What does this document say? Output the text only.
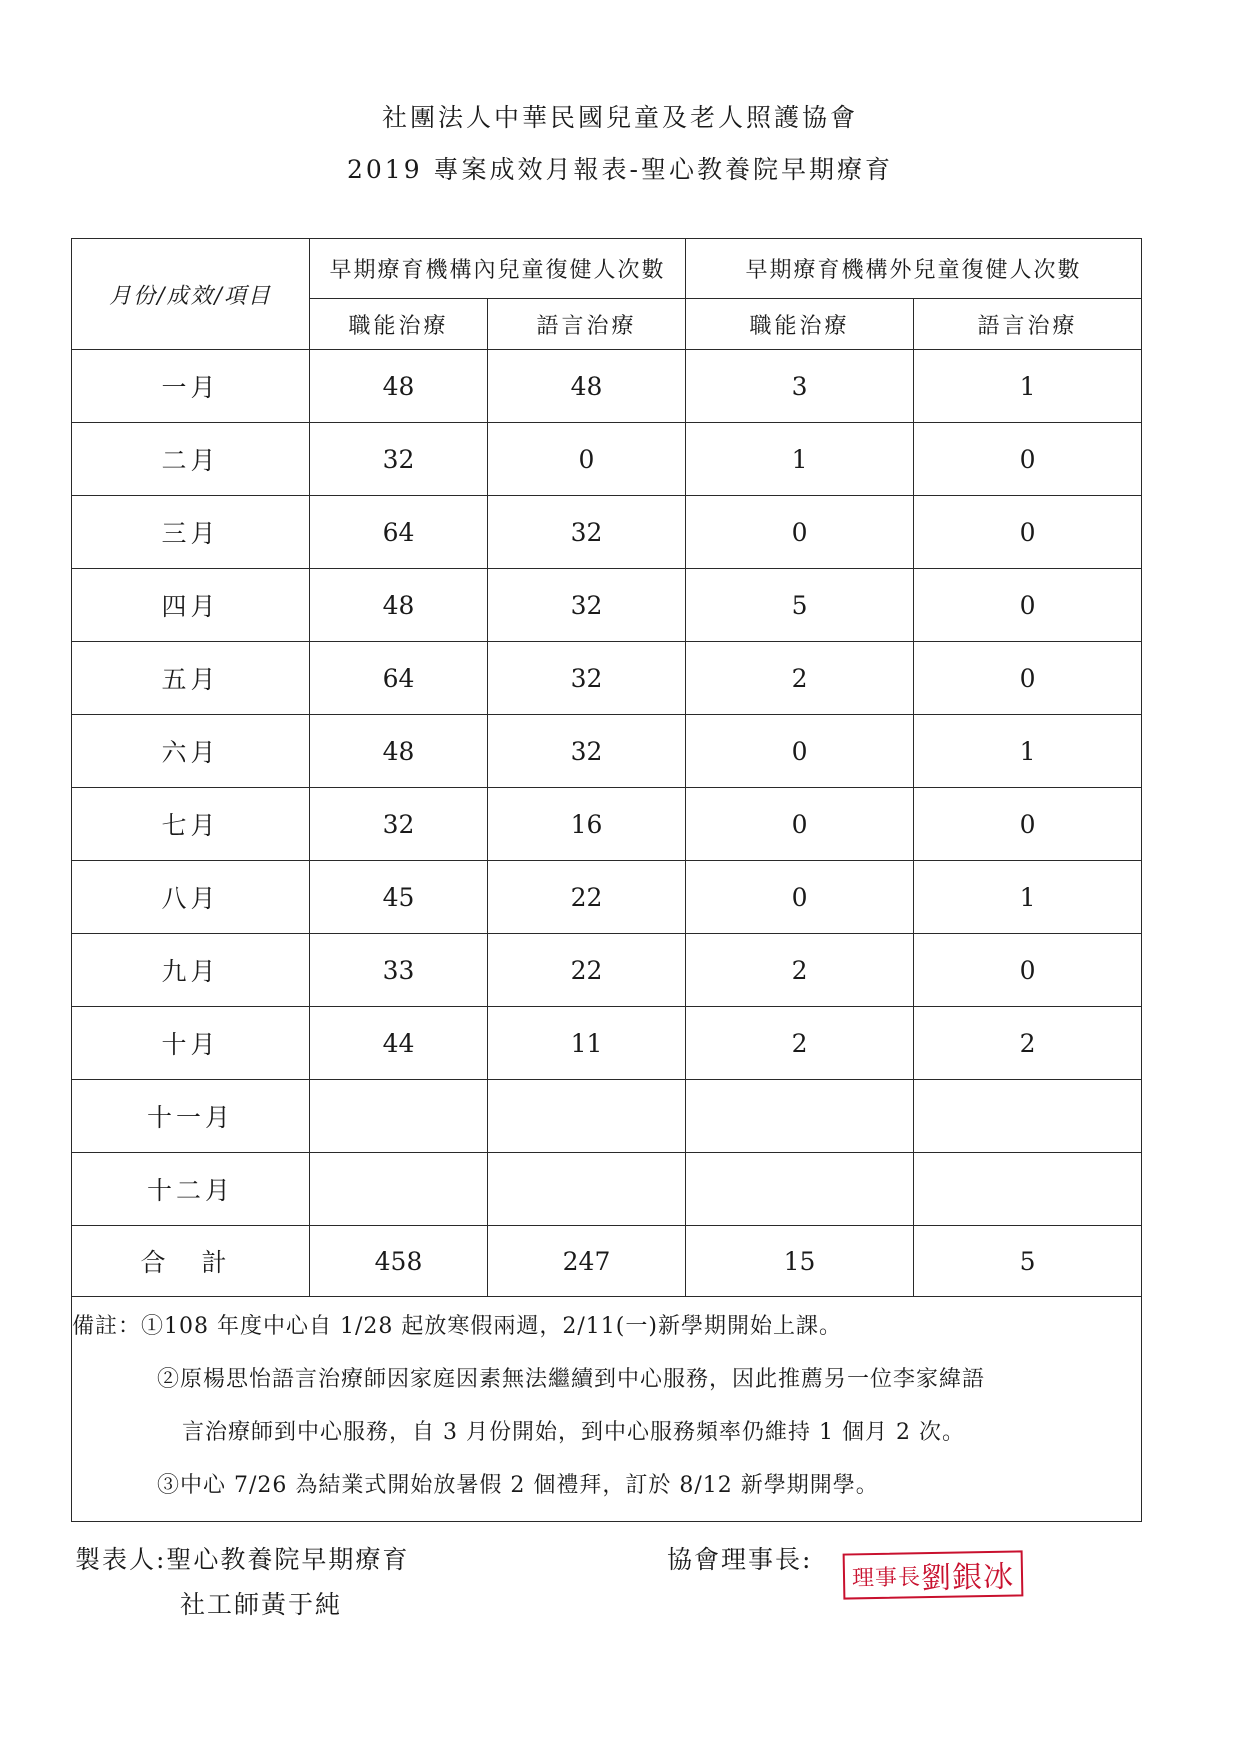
社團法人中華民國兒童及老人照護協會
2019 專案成效月報表-聖心教養院早期療育
月份/成效/項目	早期療育機構內兒童復健人次數		早期療育機構外兒童復健人次數	
	職能治療	語言治療	職能治療	語言治療
一月	48	48	3	1
二月	32	0	1	0
三月	64	32	0	0
四月	48	32	5	0
五月	64	32	2	0
六月	48	32	0	1
七月	32	16	0	0
八月	45	22	0	1
九月	33	22	2	0
十月	44	11	2	2
十一月				
十二月				
合 計	458	247	15	5

備註：①108 年度中心自 1/28 起放寒假兩週，2/11(一)新學期開始上課。
②原楊思怡語言治療師因家庭因素無法繼續到中心服務，因此推薦另一位李家緯語
言治療師到中心服務，自 3 月份開始，到中心服務頻率仍維持 1 個月 2 次。
③中心 7/26 為結業式開始放暑假 2 個禮拜，訂於 8/12 新學期開學。				
製表人:聖心教養院早期療育
社工師黃于純
協會理事長:
理事長 劉銀冰
